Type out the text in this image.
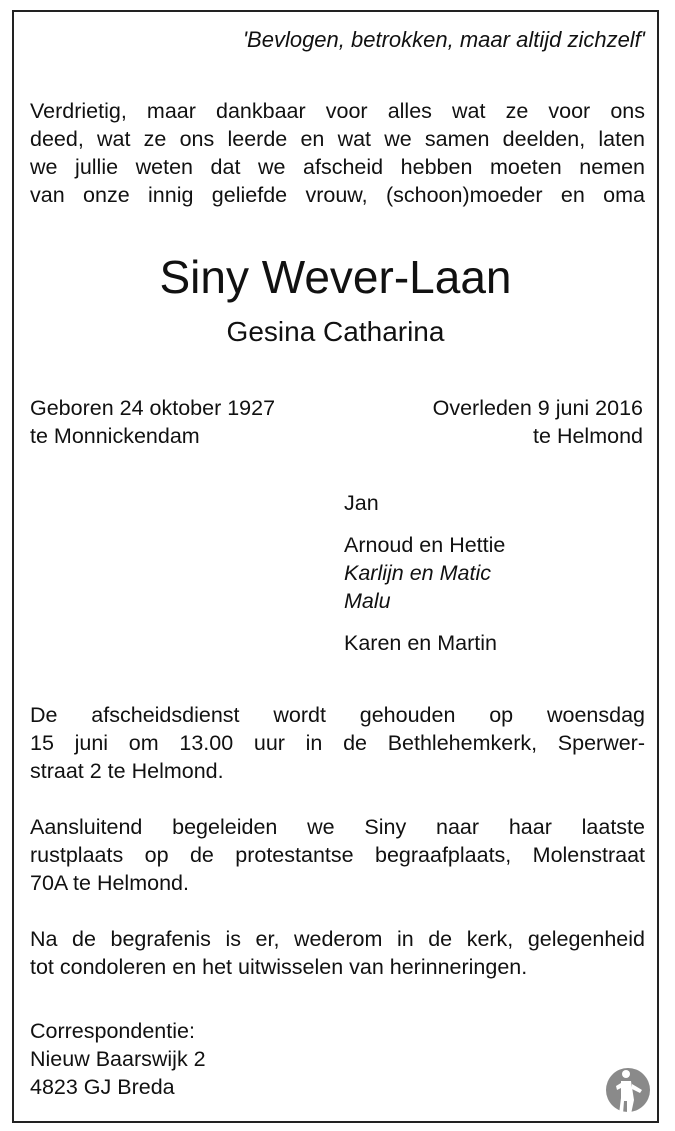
'Bevlogen, betrokken, maar altijd zichzelf'

Verdrietig, maar dankbaar voor alles wat ze voor ons
deed, wat ze ons leerde en wat we samen deelden, laten
we jullie weten dat we afscheid hebben moeten nemen
van onze innig geliefde vrouw, (schoon)moeder en oma

Siny Wever-Laan

Gesina Catharina

Geboren 24 oktober 1927
te Monnickendam
Overleden 9 juni 2016
te Helmond
Jan
Arnoud en Hettie
Karlijn en Matic
Malu
Karen en Martin
De afscheidsdienst wordt gehouden op woensdag
15 juni om 13.00 uur in de Bethlehemkerk, Sperwer-
straat 2 te Helmond.
Aansluitend begeleiden we Siny naar haar laatste
rustplaats op de protestantse begraafplaats, Molenstraat
70A te Helmond.
Na de begrafenis is er, wederom in de kerk, gelegenheid
tot condoleren en het uitwisselen van herinneringen.
Correspondentie:
Nieuw Baarswijk 2
4823 GJ Breda
